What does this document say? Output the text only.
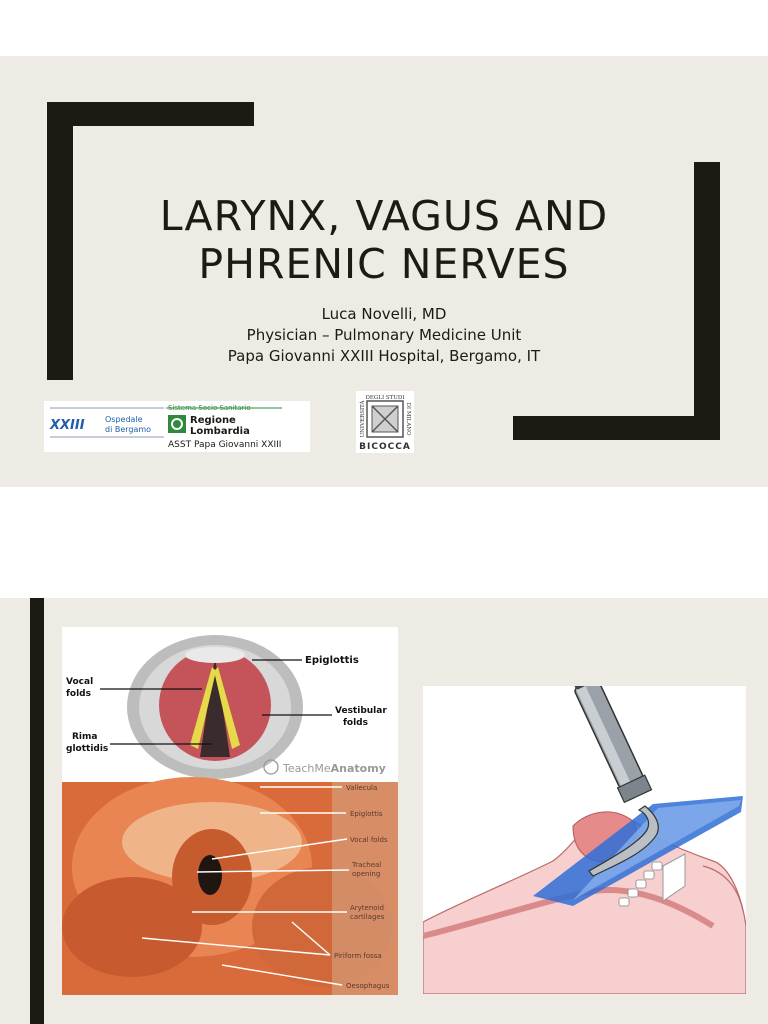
LARYNX, VAGUS AND
PHRENIC NERVES
Luca Novelli, MD
Physician – Pulmonary Medicine Unit
Papa Giovanni XXIII Hospital, Bergamo, IT
XXIII	Ospedale
di Bergamo
Sistema Socio Sanitario
Regione
Lombardia
ASST Papa Giovanni XXIII
DEGLI STUDI
UNIVERSITÀ	DI MILANO
BICOCCA
Epiglottis
Vocal
folds
Vestibular
folds
Rima
glottidis
TeachMeAnatomy
Vallecula
Epiglottis
Vocal folds
Tracheal
opening
Arytenoid
cartilages
Piriform fossa
Oesophagus
